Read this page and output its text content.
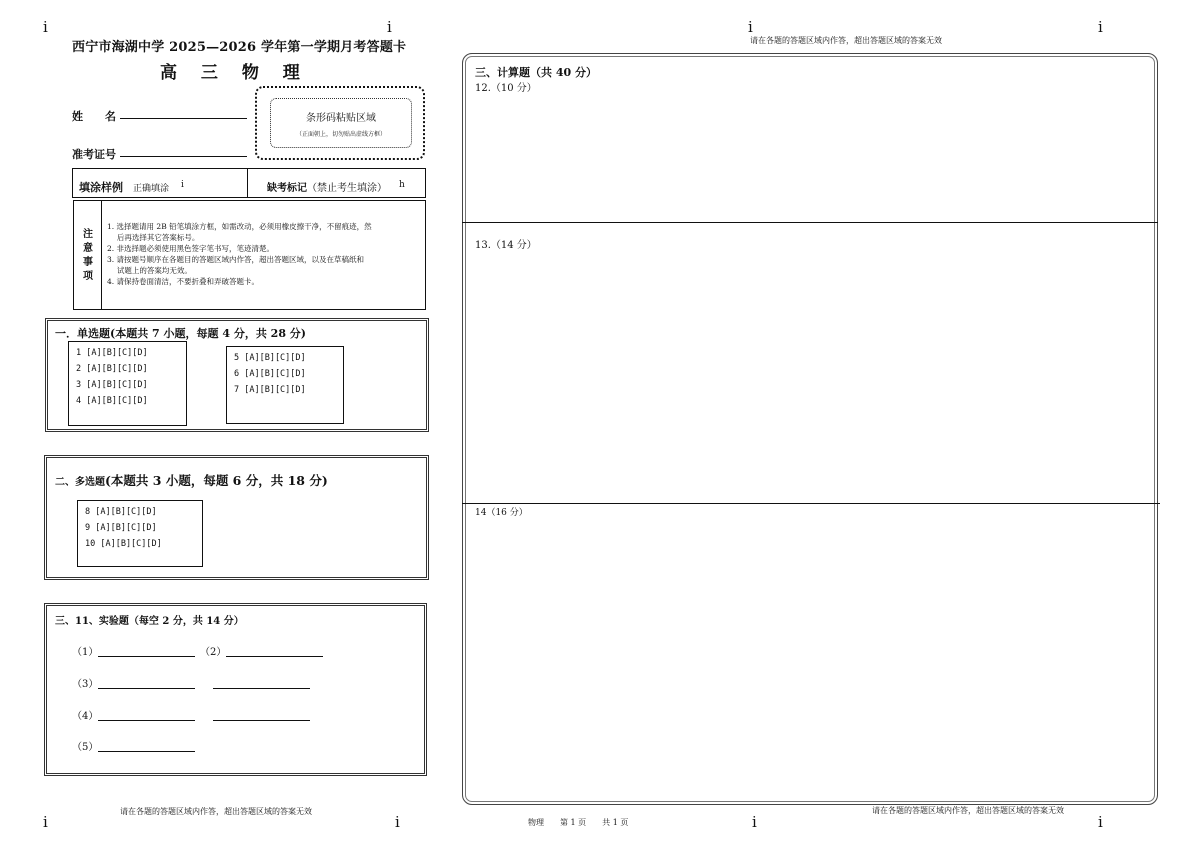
i	i	i	i
i	i	i	i
西宁市海湖中学 2025—2026 学年第一学期月考答题卡
高 三 物 理
姓　　名
准考证号
条形码粘贴区域
（正面朝上，切勿贴出虚线方框）
填涂样例 正确填涂 i	缺考标记（禁止考生填涂） h
注
意
事
项
1. 选择题请用 2B 铅笔填涂方框，如需改动，必须用橡皮擦干净，不留痕迹，然
　 后再选择其它答案标号。
2. 非选择题必须使用黑色签字笔书写，笔迹清楚。
3. 请按题号顺序在各题目的答题区域内作答，超出答题区域，以及在草稿纸和
　 试题上的答案均无效。
4. 请保持卷面清洁，不要折叠和弄破答题卡。
一．单选题(本题共 7 小题，每题 4 分，共 28 分)
1 [A][B][C][D]
2 [A][B][C][D]
3 [A][B][C][D]
4 [A][B][C][D]
5 [A][B][C][D]
6 [A][B][C][D]
7 [A][B][C][D]
二、多选题(本题共 3 小题，每题 6 分，共 18 分)
8 [A][B][C][D]
9 [A][B][C][D]
10 [A][B][C][D]
三、11、实验题（每空 2 分，共 14 分）
（1）	（2）
（3）
（4）
（5）
请在各题的答题区域内作答，超出答题区域的答案无效
请在各题的答题区域内作答，超出答题区域的答案无效
三、计算题（共 40 分）
12.（10 分）
13.（14 分）
14（16 分）
请在各题的答题区域内作答，超出答题区域的答案无效
物理　　第 1 页　　共 1 页
